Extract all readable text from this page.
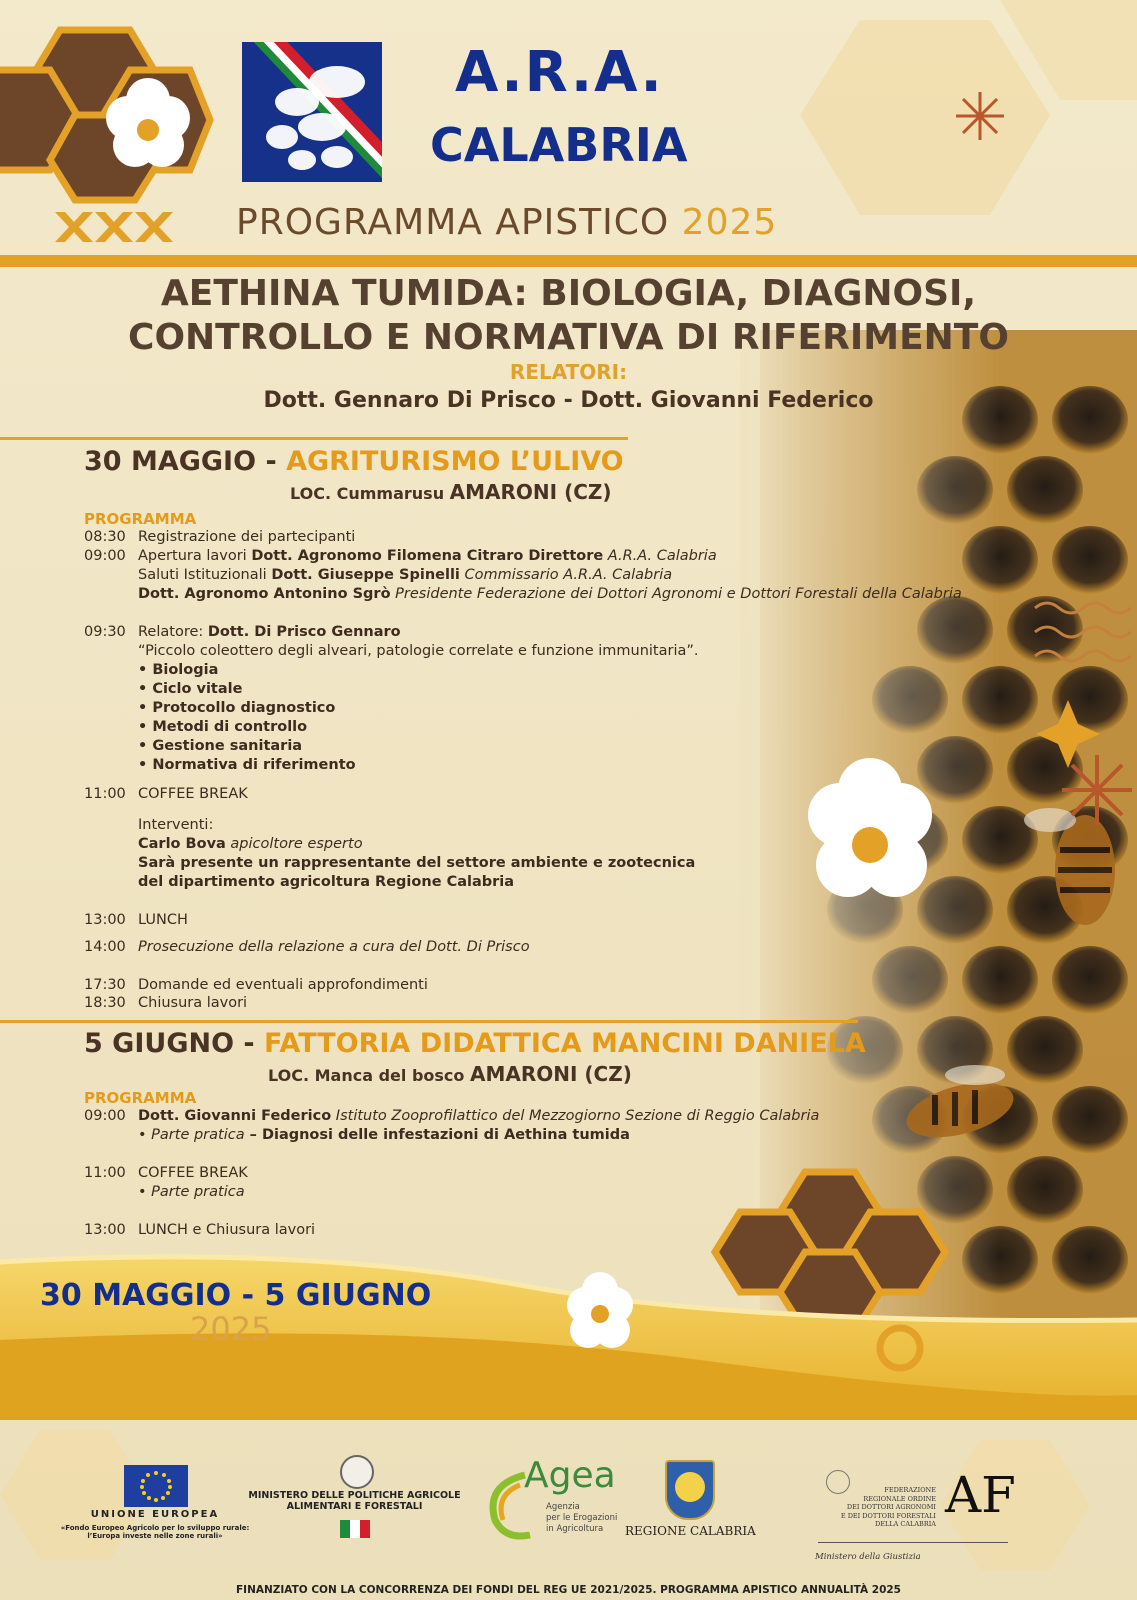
A.R.A.
CALABRIA
PROGRAMMA APISTICO 2025
AETHINA TUMIDA: BIOLOGIA, DIAGNOSI,
CONTROLLO E NORMATIVA DI RIFERIMENTO
RELATORI:
Dott. Gennaro Di Prisco - Dott. Giovanni Federico
30 MAGGIO - AGRITURISMO L’ULIVO
LOC. Cummarusu AMARONI (CZ)
PROGRAMMA
08:30 Registrazione dei partecipanti
09:00 Apertura lavori Dott. Agronomo Filomena Citraro Direttore A.R.A. Calabria
Saluti Istituzionali Dott. Giuseppe Spinelli Commissario A.R.A. Calabria
Dott. Agronomo Antonino Sgrò Presidente Federazione dei Dottori Agronomi e Dottori Forestali della Calabria
09:30 Relatore: Dott. Di Prisco Gennaro
“Piccolo coleottero degli alveari, patologie correlate e funzione immunitaria”.
• Biologia
• Ciclo vitale
• Protocollo diagnostico
• Metodi di controllo
• Gestione sanitaria
• Normativa di riferimento
11:00 COFFEE BREAK
Interventi:
Carlo Bova apicoltore esperto
Sarà presente un rappresentante del settore ambiente e zootecnica
del dipartimento agricoltura Regione Calabria
13:00 LUNCH
14:00 Prosecuzione della relazione a cura del Dott. Di Prisco
17:30 Domande ed eventuali approfondimenti
18:30 Chiusura lavori
5 GIUGNO - FATTORIA DIDATTICA MANCINI DANIELA
LOC. Manca del bosco AMARONI (CZ)
PROGRAMMA
09:00 Dott. Giovanni Federico Istituto Zooprofilattico del Mezzogiorno Sezione di Reggio Calabria
• Parte pratica – Diagnosi delle infestazioni di Aethina tumida
11:00 COFFEE BREAK
• Parte pratica
13:00 LUNCH e Chiusura lavori
30 MAGGIO - 5 GIUGNO
2025
UNIONE EUROPEA
«Fondo Europeo Agricolo per lo sviluppo rurale:
l’Europa investe nelle zone rurali»
MINISTERO DELLE POLITICHE AGRICOLE
ALIMENTARI E FORESTALI
Agea
Agenzia
per le Erogazioni
in Agricoltura	REGIONE CALABRIA
FEDERAZIONE
REGIONALE ORDINE
DEI DOTTORI AGRONOMI
E DEI DOTTORI FORESTALI
DELLA CALABRIA AF
Ministero della Giustizia
FINANZIATO CON LA CONCORRENZA DEI FONDI DEL REG UE 2021/2025. PROGRAMMA APISTICO ANNUALITÀ 2025
